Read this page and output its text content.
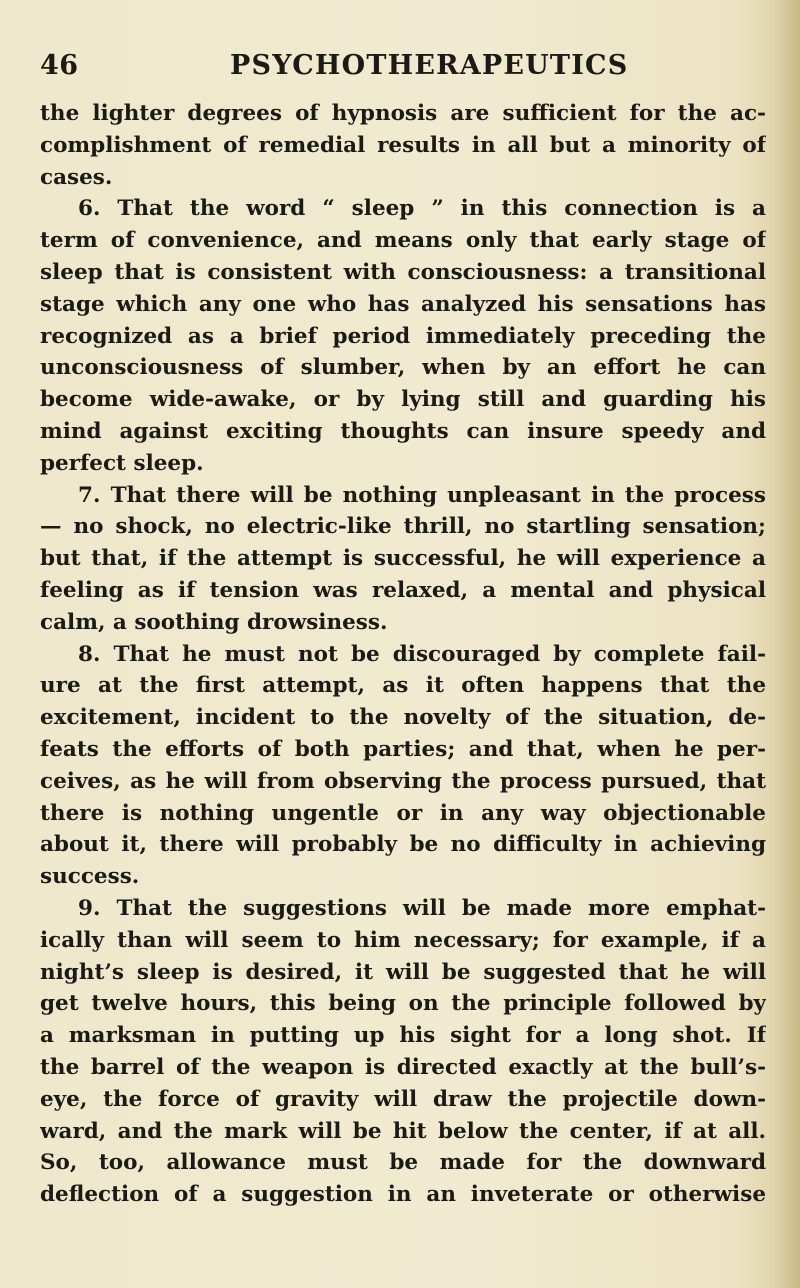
46	PSYCHOTHERAPEUTICS
the lighter degrees of hypnosis are sufficient for the ac-
complishment of remedial results in all but a minority of
cases.
6. That the word “ sleep ” in this connection is a
term of convenience, and means only that early stage of
sleep that is consistent with consciousness: a transitional
stage which any one who has analyzed his sensations has
recognized as a brief period immediately preceding the
unconsciousness of slumber, when by an effort he can
become wide-awake, or by lying still and guarding his
mind against exciting thoughts can insure speedy and
perfect sleep.
7. That there will be nothing unpleasant in the process
— no shock, no electric-like thrill, no startling sensation;
but that, if the attempt is successful, he will experience a
feeling as if tension was relaxed, a mental and physical
calm, a soothing drowsiness.
8. That he must not be discouraged by complete fail-
ure at the first attempt, as it often happens that the
excitement, incident to the novelty of the situation, de-
feats the efforts of both parties; and that, when he per-
ceives, as he will from observing the process pursued, that
there is nothing ungentle or in any way objectionable
about it, there will probably be no difficulty in achieving
success.
9. That the suggestions will be made more emphat-
ically than will seem to him necessary; for example, if a
night’s sleep is desired, it will be suggested that he will
get twelve hours, this being on the principle followed by
a marksman in putting up his sight for a long shot. If
the barrel of the weapon is directed exactly at the bull’s-
eye, the force of gravity will draw the projectile down-
ward, and the mark will be hit below the center, if at all.
So, too, allowance must be made for the downward
deflection of a suggestion in an inveterate or otherwise
